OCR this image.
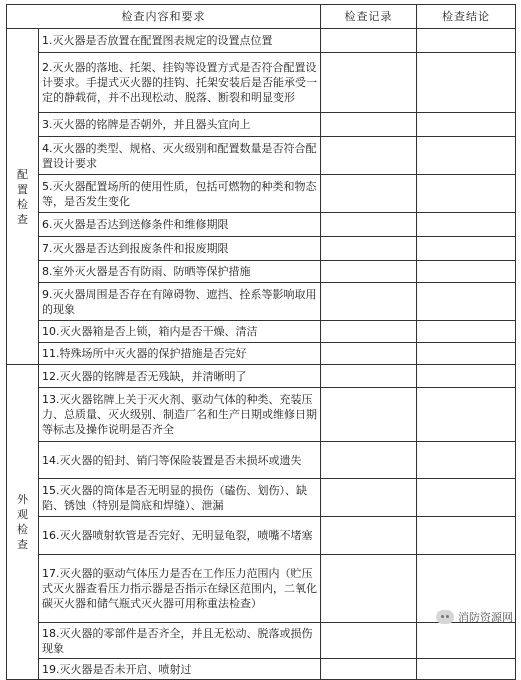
检查内容和要求		检查记录	检查结论
配置检查	1.灭火器是否放置在配置图表规定的设置点位置		
	2.灭火器的落地、托架、挂钩等设置方式是否符合配置设计要求。手提式灭火器的挂钩、托架安装后是否能承受一定的静载荷，并不出现松动、脱落、断裂和明显变形		
	3.灭火器的铭牌是否朝外，并且器头宜向上		
	4.灭火器的类型、规格、灭火级别和配置数量是否符合配置设计要求		
	5.灭火器配置场所的使用性质，包括可燃物的种类和物态等，是否发生变化		
	6.灭火器是否达到送修条件和维修期限		
	7.灭火器是否达到报废条件和报废期限		
	8.室外灭火器是否有防雨、防晒等保护措施		
	9.灭火器周围是否存在有障碍物、遮挡、拴系等影响取用的现象		
	10.灭火器箱是否上锁，箱内是否干燥、清洁		
	11.特殊场所中灭火器的保护措施是否完好		
外观检查	12.灭火器的铭牌是否无残缺，并清晰明了		
	13.灭火器铭牌上关于灭火剂、驱动气体的种类、充装压力、总质量、灭火级别、制造厂名和生产日期或维修日期等标志及操作说明是否齐全		
	14.灭火器的铅封、销闩等保险装置是否未损坏或遗失		
	15.灭火器的筒体是否无明显的损伤（磕伤、划伤）、缺陷、锈蚀（特别是筒底和焊缝）、泄漏		
	16.灭火器喷射软管是否完好、无明显龟裂，喷嘴不堵塞		
	17.灭火器的驱动气体压力是否在工作压力范围内（贮压式灭火器查看压力指示器是否指示在绿区范围内，二氧化碳灭火器和储气瓶式灭火器可用称重法检查）		
	18.灭火器的零部件是否齐全，并且无松动、脱落或损伤现象		
	19.灭火器是否未开启、喷射过		
消防资源网
